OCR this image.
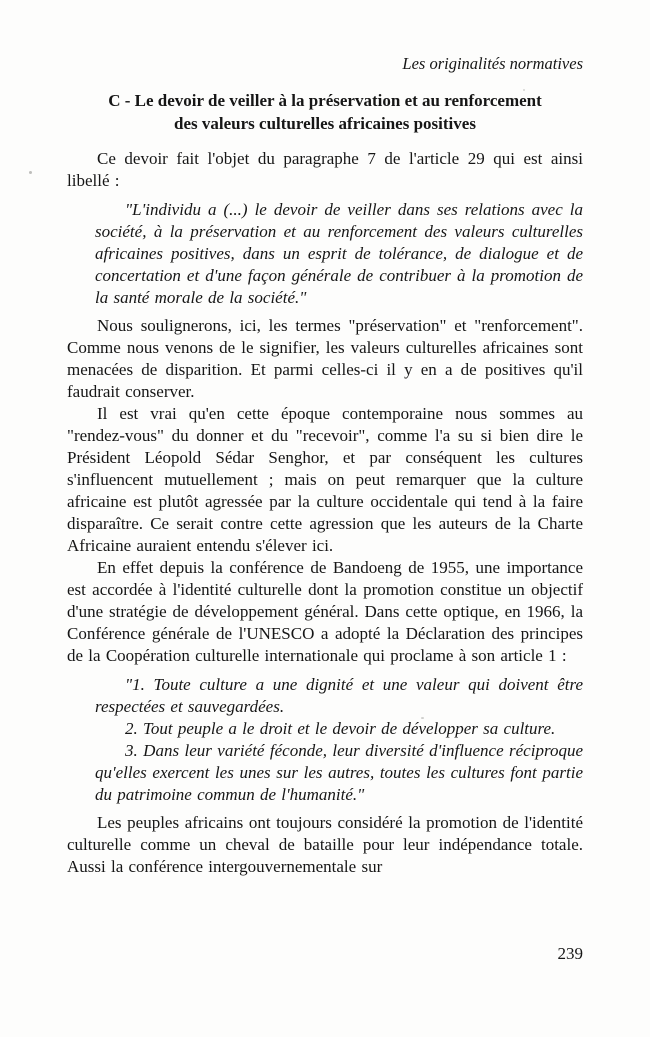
Les originalités normatives
C - Le devoir de veiller à la préservation et au renforcement
des valeurs culturelles africaines positives

Ce devoir fait l'objet du paragraphe 7 de l'article 29 qui est ainsi libellé :

"L'individu a (...) le devoir de veiller dans ses relations avec la société, à la préservation et au renforcement des valeurs culturelles africaines positives, dans un esprit de tolérance, de dialogue et de concertation et d'une façon générale de contribuer à la promotion de la santé morale de la société."

Nous soulignerons, ici, les termes "préservation" et "renforcement". Comme nous venons de le signifier, les valeurs culturelles africaines sont menacées de disparition. Et parmi celles-ci il y en a de positives qu'il faudrait conserver.

Il est vrai qu'en cette époque contemporaine nous sommes au "rendez-vous" du donner et du "recevoir", comme l'a su si bien dire le Président Léopold Sédar Senghor, et par conséquent les cultures s'influencent mutuellement ; mais on peut remarquer que la culture africaine est plutôt agressée par la culture occidentale qui tend à la faire disparaître. Ce serait contre cette agression que les auteurs de la Charte Africaine auraient entendu s'élever ici.

En effet depuis la conférence de Bandoeng de 1955, une importance est accordée à l'identité culturelle dont la promotion constitue un objectif d'une stratégie de développement général. Dans cette optique, en 1966, la Conférence générale de l'UNESCO a adopté la Déclaration des principes de la Coopération culturelle internationale qui proclame à son article 1 :

"1. Toute culture a une dignité et une valeur qui doivent être respectées et sauvegardées.

2. Tout peuple a le droit et le devoir de développer sa culture.

3. Dans leur variété féconde, leur diversité d'influence réciproque qu'elles exercent les unes sur les autres, toutes les cultures font partie du patrimoine commun de l'humanité."

Les peuples africains ont toujours considéré la promotion de l'identité culturelle comme un cheval de bataille pour leur indépendance totale. Aussi la conférence intergouvernementale sur

239
